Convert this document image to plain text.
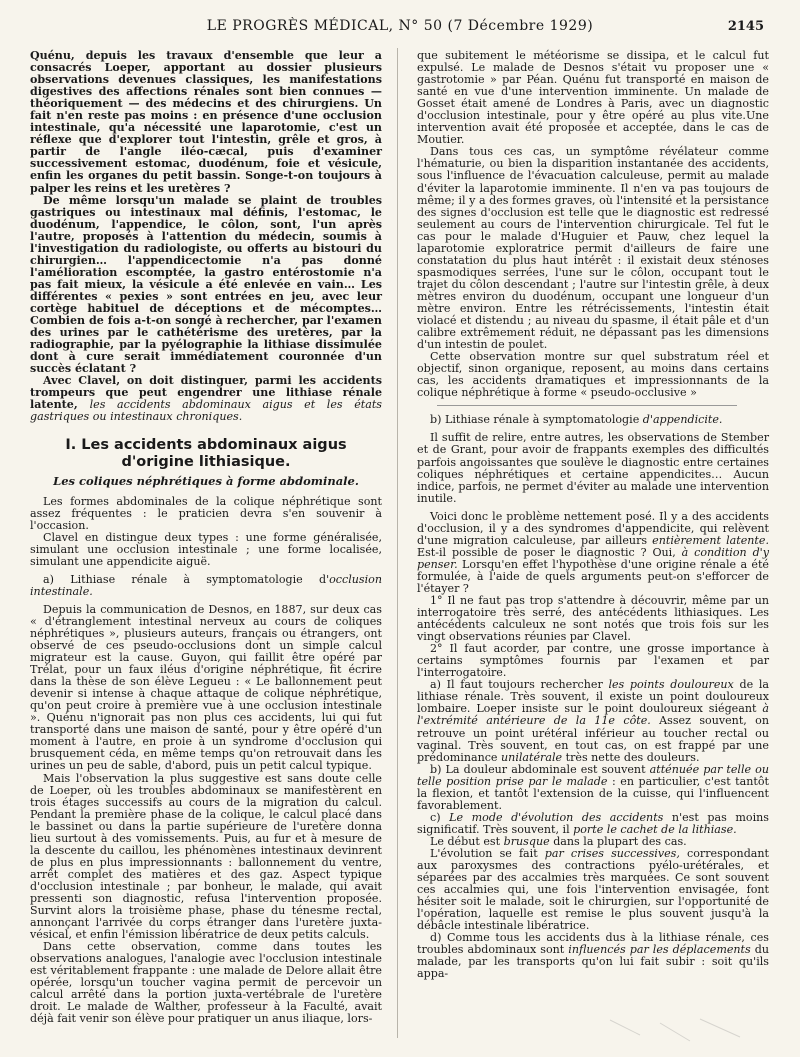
LE PROGRÈS MÉDICAL, N° 50 (7 Décembre 1929)	2145

Quénu, depuis les travaux d'ensemble que leur a consacrés Loeper, apportant au dossier plusieurs observations devenues classiques, les manifestations digestives des affections rénales sont bien connues — théoriquement — des médecins et des chirurgiens. Un fait n'en reste pas moins : en présence d'une occlusion intestinale, qu'a nécessité une laparotomie, c'est un réflexe que d'explorer tout l'intestin, grêle et gros, à partir de l'angle iléo-cæcal, puis d'examiner successivement estomac, duodénum, foie et vésicule, enfin les organes du petit bassin. Songe-t-on toujours à palper les reins et les uretères ?

De même lorsqu'un malade se plaint de troubles gastriques ou intestinaux mal définis, l'estomac, le duodénum, l'appendice, le côlon, sont, l'un après l'autre, proposés à l'attention du médecin, soumis à l'investigation du radiologiste, ou offerts au bistouri du chirurgien… l'appendicectomie n'a pas donné l'amélioration escomptée, la gastro entérostomie n'a pas fait mieux, la vésicule a été enlevée en vain… Les différentes « pexies » sont entrées en jeu, avec leur cortège habituel de déceptions et de mécomptes… Combien de fois a-t-on songé à rechercher, par l'examen des urines par le cathétérisme des uretères, par la radiographie, par la pyélographie la lithiase dissimulée dont à cure serait immédiatement couronnée d'un succès éclatant ?

Avec Clavel, on doit distinguer, parmi les accidents trompeurs que peut engendrer une lithiase rénale latente, les accidents abdominaux aigus et les états gastriques ou intestinaux chroniques.

I. Les accidents abdominaux aigus d'origine lithiasique.
Les coliques néphrétiques à forme abdominale.

Les formes abdominales de la colique néphrétique sont assez fréquentes : le praticien devra s'en souvenir à l'occasion.

Clavel en distingue deux types : une forme généralisée, simulant une occlusion intestinale ; une forme localisée, simulant une appendicite aiguë.

a) Lithiase rénale à symptomatologie d'occlusion intestinale.

Depuis la communication de Desnos, en 1887, sur deux cas « d'étranglement intestinal nerveux au cours de coliques néphrétiques », plusieurs auteurs, français ou étrangers, ont observé de ces pseudo-occlusions dont un simple calcul migrateur est la cause. Guyon, qui faillit être opéré par Trélat, pour un faux iléus d'origine néphrétique, fit écrire dans la thèse de son élève Legueu : « Le ballonnement peut devenir si intense à chaque attaque de colique néphrétique, qu'on peut croire à première vue à une occlusion intestinale ». Quénu n'ignorait pas non plus ces accidents, lui qui fut transporté dans une maison de santé, pour y être opéré d'un moment à l'autre, en proie à un syndrome d'occlusion qui brusquement céda, en même temps qu'on retrouvait dans les urines un peu de sable, d'abord, puis un petit calcul typique.

Mais l'observation la plus suggestive est sans doute celle de Loeper, où les troubles abdominaux se manifestèrent en trois étages successifs au cours de la migration du calcul. Pendant la première phase de la colique, le calcul placé dans le bassinet ou dans la partie supérieure de l'uretère donna lieu surtout à des vomissements. Puis, au fur et à mesure de la descente du caillou, les phénomènes intestinaux devinrent de plus en plus impressionnants : ballonnement du ventre, arrêt complet des matières et des gaz. Aspect typique d'occlusion intestinale ; par bonheur, le malade, qui avait pressenti son diagnostic, refusa l'intervention proposée. Survint alors la troisième phase, phase du ténesme rectal, annonçant l'arrivée du corps étranger dans l'uretère juxta-vésical, et enfin l'émission libératrice de deux petits calculs.

Dans cette observation, comme dans toutes les observations analogues, l'analogie avec l'occlusion intestinale est véritablement frappante : une malade de Delore allait être opérée, lorsqu'un toucher vagina permit de percevoir un calcul arrêté dans la portion juxta-vertébrale de l'uretère droit. Le malade de Walther, professeur à la Faculté, avait déjà fait venir son élève pour pratiquer un anus iliaque, lors-

que subitement le météorisme se dissipa, et le calcul fut expulsé. Le malade de Desnos s'était vu proposer une « gastrotomie » par Péan. Quénu fut transporté en maison de santé en vue d'une intervention imminente. Un malade de Gosset était amené de Londres à Paris, avec un diagnostic d'occlusion intestinale, pour y être opéré au plus vite.Une intervention avait été proposée et acceptée, dans le cas de Moutier.

Dans tous ces cas, un symptôme révélateur comme l'hématurie, ou bien la disparition instantanée des accidents, sous l'influence de l'évacuation calculeuse, permit au malade d'éviter la laparotomie imminente. Il n'en va pas toujours de même; il y a des formes graves, où l'intensité et la persistance des signes d'occlusion est telle que le diagnostic est redressé seulement au cours de l'intervention chirurgicale. Tel fut le cas pour le malade d'Huguier et Pauw, chez lequel la laparotomie exploratrice permit d'ailleurs de faire une constatation du plus haut intérêt : il existait deux sténoses spasmodiques serrées, l'une sur le côlon, occupant tout le trajet du côlon descendant ; l'autre sur l'intestin grêle, à deux mètres environ du duodénum, occupant une longueur d'un mètre environ. Entre les rétrécissements, l'intestin était violacé et distendu ; au niveau du spasme, il était pâle et d'un calibre extrêmement réduit, ne dépassant pas les dimensions d'un intestin de poulet.

Cette observation montre sur quel substratum réel et objectif, sinon organique, reposent, au moins dans certains cas, les accidents dramatiques et impressionnants de la colique néphrétique à forme « pseudo-occlusive »

b) Lithiase rénale à symptomatologie d'appendicite.

Il suffit de relire, entre autres, les observations de Stember et de Grant, pour avoir de frappants exemples des difficultés parfois angoissantes que soulève le diagnostic entre certaines coliques néphrétiques et certaine appendicites… Aucun indice, parfois, ne permet d'éviter au malade une intervention inutile.

Voici donc le problème nettement posé. Il y a des accidents d'occlusion, il y a des syndromes d'appendicite, qui relèvent d'une migration calculeuse, par ailleurs entièrement latente. Est-il possible de poser le diagnostic ? Oui, à condition d'y penser. Lorsqu'en effet l'hypothèse d'une origine rénale a été formulée, à l'aide de quels arguments peut-on s'efforcer de l'étayer ?

1° Il ne faut pas trop s'attendre à découvrir, même par un interrogatoire très serré, des antécédents lithiasiques. Les antécédents calculeux ne sont notés que trois fois sur les vingt observations réunies par Clavel.

2° Il faut acorder, par contre, une grosse importance à certains symptômes fournis par l'examen et par l'interrogatoire.

a) Il faut toujours rechercher les points douloureux de la lithiase rénale. Très souvent, il existe un point douloureux lombaire. Loeper insiste sur le point douloureux siégeant à l'extrémité antérieure de la 11e côte. Assez souvent, on retrouve un point urétéral inférieur au toucher rectal ou vaginal. Très souvent, en tout cas, on est frappé par une prédominance unilatérale très nette des douleurs.

b) La douleur abdominale est souvent atténuée par telle ou telle position prise par le malade : en particulier, c'est tantôt la flexion, et tantôt l'extension de la cuisse, qui l'influencent favorablement.

c) Le mode d'évolution des accidents n'est pas moins significatif. Très souvent, il porte le cachet de la lithiase.

Le début est brusque dans la plupart des cas.

L'évolution se fait par crises successives, correspondant aux paroxysmes des contractions pyélo-urétérales, et séparées par des accalmies très marquées. Ce sont souvent ces accalmies qui, une fois l'intervention envisagée, font hésiter soit le malade, soit le chirurgien, sur l'opportunité de l'opération, laquelle est remise le plus souvent jusqu'à la débâcle intestinale libératrice.

d) Comme tous les accidents dus à la lithiase rénale, ces troubles abdominaux sont influencés par les déplacements du malade, par les transports qu'on lui fait subir : soit qu'ils appa-
